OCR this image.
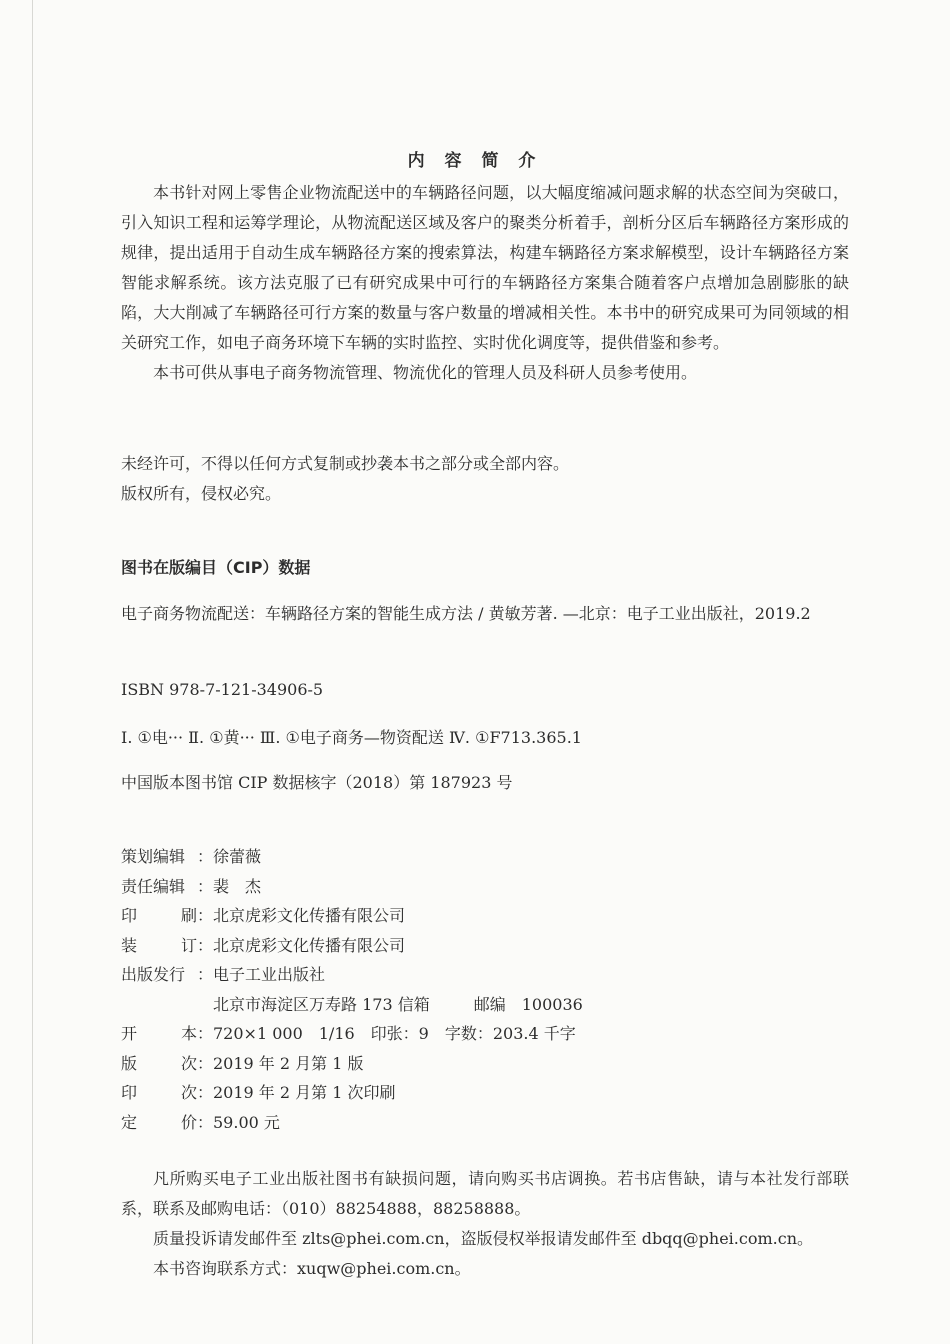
内 容 简 介

本书针对网上零售企业物流配送中的车辆路径问题，以大幅度缩减问题求解的状态空间为突破口，引入知识工程和运筹学理论，从物流配送区域及客户的聚类分析着手，剖析分区后车辆路径方案形成的规律，提出适用于自动生成车辆路径方案的搜索算法，构建车辆路径方案求解模型，设计车辆路径方案智能求解系统。该方法克服了已有研究成果中可行的车辆路径方案集合随着客户点增加急剧膨胀的缺陷，大大削减了车辆路径可行方案的数量与客户数量的增减相关性。本书中的研究成果可为同领域的相关研究工作，如电子商务环境下车辆的实时监控、实时优化调度等，提供借鉴和参考。

本书可供从事电子商务物流管理、物流优化的管理人员及科研人员参考使用。

未经许可，不得以任何方式复制或抄袭本书之部分或全部内容。
版权所有，侵权必究。
图书在版编目（CIP）数据
电子商务物流配送：车辆路径方案的智能生成方法 / 黄敏芳著. —北京：电子工业出版社，2019.2
ISBN 978-7-121-34906-5
Ⅰ. ①电··· Ⅱ. ①黄··· Ⅲ. ①电子商务—物资配送 Ⅳ. ①F713.365.1
中国版本图书馆 CIP 数据核字（2018）第 187923 号
策划编辑 ： 徐蕾薇
责任编辑 ： 裴　杰
印	刷： 北京虎彩文化传播有限公司
装	订： 北京虎彩文化传播有限公司
出版发行 ： 电子工业出版社
北京市海淀区万寿路 173 信箱	邮编　100036
开	本： 720×1 000　1/16　印张：9　字数：203.4 千字
版	次： 2019 年 2 月第 1 版
印	次： 2019 年 2 月第 1 次印刷
定	价： 59.00 元

凡所购买电子工业出版社图书有缺损问题，请向购买书店调换。若书店售缺，请与本社发行部联系，联系及邮购电话：（010）88254888，88258888。

质量投诉请发邮件至 zlts@phei.com.cn，盗版侵权举报请发邮件至 dbqq@phei.com.cn。

本书咨询联系方式：xuqw@phei.com.cn。
